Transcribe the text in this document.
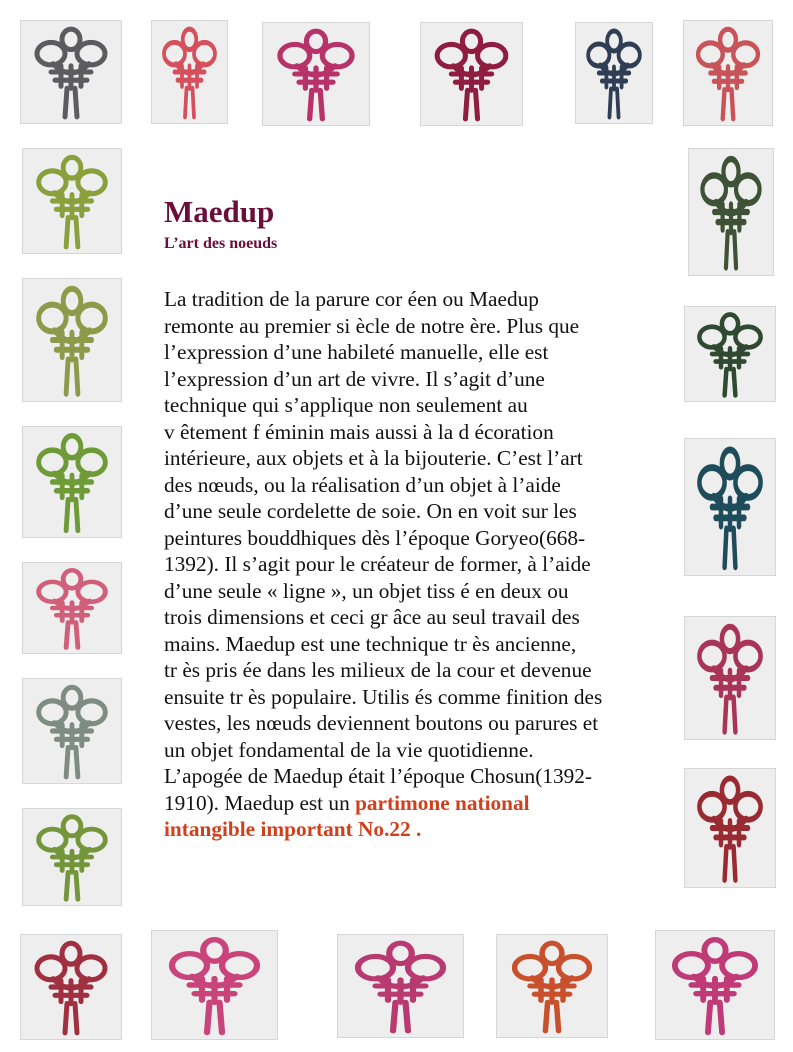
Maedup
L’art des noeuds
La tradition de la parure cor éen ou Maedup
remonte au premier si ècle de notre ère. Plus que
l’expression d’une habileté manuelle, elle est
l’expression d’un art de vivre. Il s’agit d’une
technique qui s’applique non seulement au
v êtement f éminin mais aussi à la d écoration
intérieure, aux objets et à la bijouterie. C’est l’art
des nœuds, ou la réalisation d’un objet à l’aide
d’une seule cordelette de soie. On en voit sur les
peintures bouddhiques dès l’époque Goryeo(668-
1392). Il s’agit pour le créateur de former, à l’aide
d’une seule « ligne », un objet tiss é en deux ou
trois dimensions et ceci gr âce au seul travail des
mains. Maedup est une technique tr ès ancienne,
tr ès pris ée dans les milieux de la cour et devenue
ensuite tr ès populaire. Utilis és comme finition des
vestes, les nœuds deviennent boutons ou parures et
un objet fondamental de la vie quotidienne.
L’apogée de Maedup était l’époque Chosun(1392-
1910). Maedup est un partimone national
intangible important No.22 .
